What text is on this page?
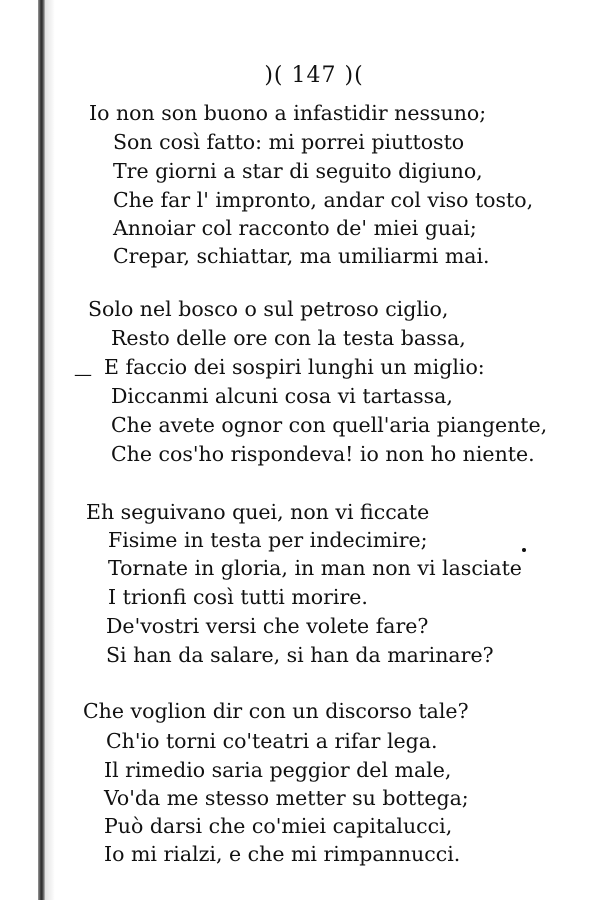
)( 147 )(
—
Io non son buono a infastidir nessuno;
Son così fatto: mi porrei piuttosto
Tre giorni a star di seguito digiuno,
Che far l' impronto, andar col viso tosto,
Annoiar col racconto de' miei guai;
Crepar, schiattar, ma umiliarmi mai.
Solo nel bosco o sul petroso ciglio,
Resto delle ore con la testa bassa,
E faccio dei sospiri lunghi un miglio:
Diccanmi alcuni cosa vi tartassa,
Che avete ognor con quell'aria piangente,
Che cos'ho rispondeva! io non ho niente.
Eh seguivano quei, non vi ficcate
Fisime in testa per indecimire;
Tornate in gloria, in man non vi lasciate
I trionfi così tutti morire.
De'vostri versi che volete fare?
Si han da salare, si han da marinare?
Che voglion dir con un discorso tale?
Ch'io torni co'teatri a rifar lega.
Il rimedio saria peggior del male,
Vo'da me stesso metter su bottega;
Può darsi che co'miei capitalucci,
Io mi rialzi, e che mi rimpannucci.
